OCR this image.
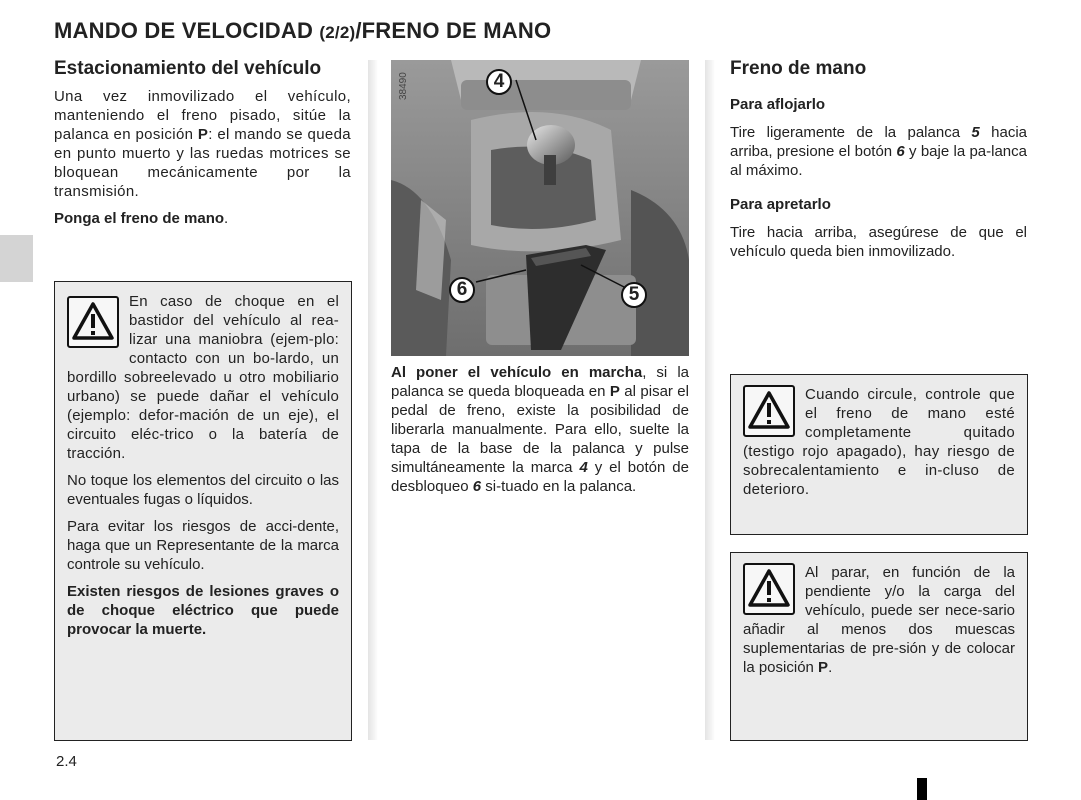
MANDO DE VELOCIDAD (2/2)/FRENO DE MANO
Estacionamiento del vehículo

Una vez inmovilizado el vehículo, manteniendo el freno pisado, sitúe la palanca en posición P: el mando se queda en punto muerto y las ruedas motrices se bloquean mecánicamente por la transmisión.

Ponga el freno de mano.

En caso de choque en el bastidor del vehículo al rea-lizar una maniobra (ejem-plo: contacto con un bo-lardo, un bordillo sobreelevado u otro mobiliario urbano) se puede dañar el vehículo (ejemplo: defor-mación de un eje), el circuito eléc-trico o la batería de tracción.

No toque los elementos del circuito o las eventuales fugas o líquidos.

Para evitar los riesgos de acci-dente, haga que un Representante de la marca controle su vehículo.

Existen riesgos de lesiones graves o de choque eléctrico que puede provocar la muerte.

38490	4
6	5

Al poner el vehículo en marcha, si la palanca se queda bloqueada en P al pisar el pedal de freno, existe la posibilidad de liberarla manualmente. Para ello, suelte la tapa de la base de la palanca y pulse simultáneamente la marca 4 y el botón de desbloqueo 6 si-tuado en la palanca.

Freno de mano
Para aflojarlo

Tire ligeramente de la palanca 5 hacia arriba, presione el botón 6 y baje la pa-lanca al máximo.

Para apretarlo

Tire hacia arriba, asegúrese de que el vehículo queda bien inmovilizado.

Cuando circule, controle que el freno de mano esté completamente quitado (testigo rojo apagado), hay riesgo de sobrecalentamiento e in-cluso de deterioro.

Al parar, en función de la pendiente y/o la carga del vehículo, puede ser nece-sario añadir al menos dos muescas suplementarias de pre-sión y de colocar la posición P.

2.4
